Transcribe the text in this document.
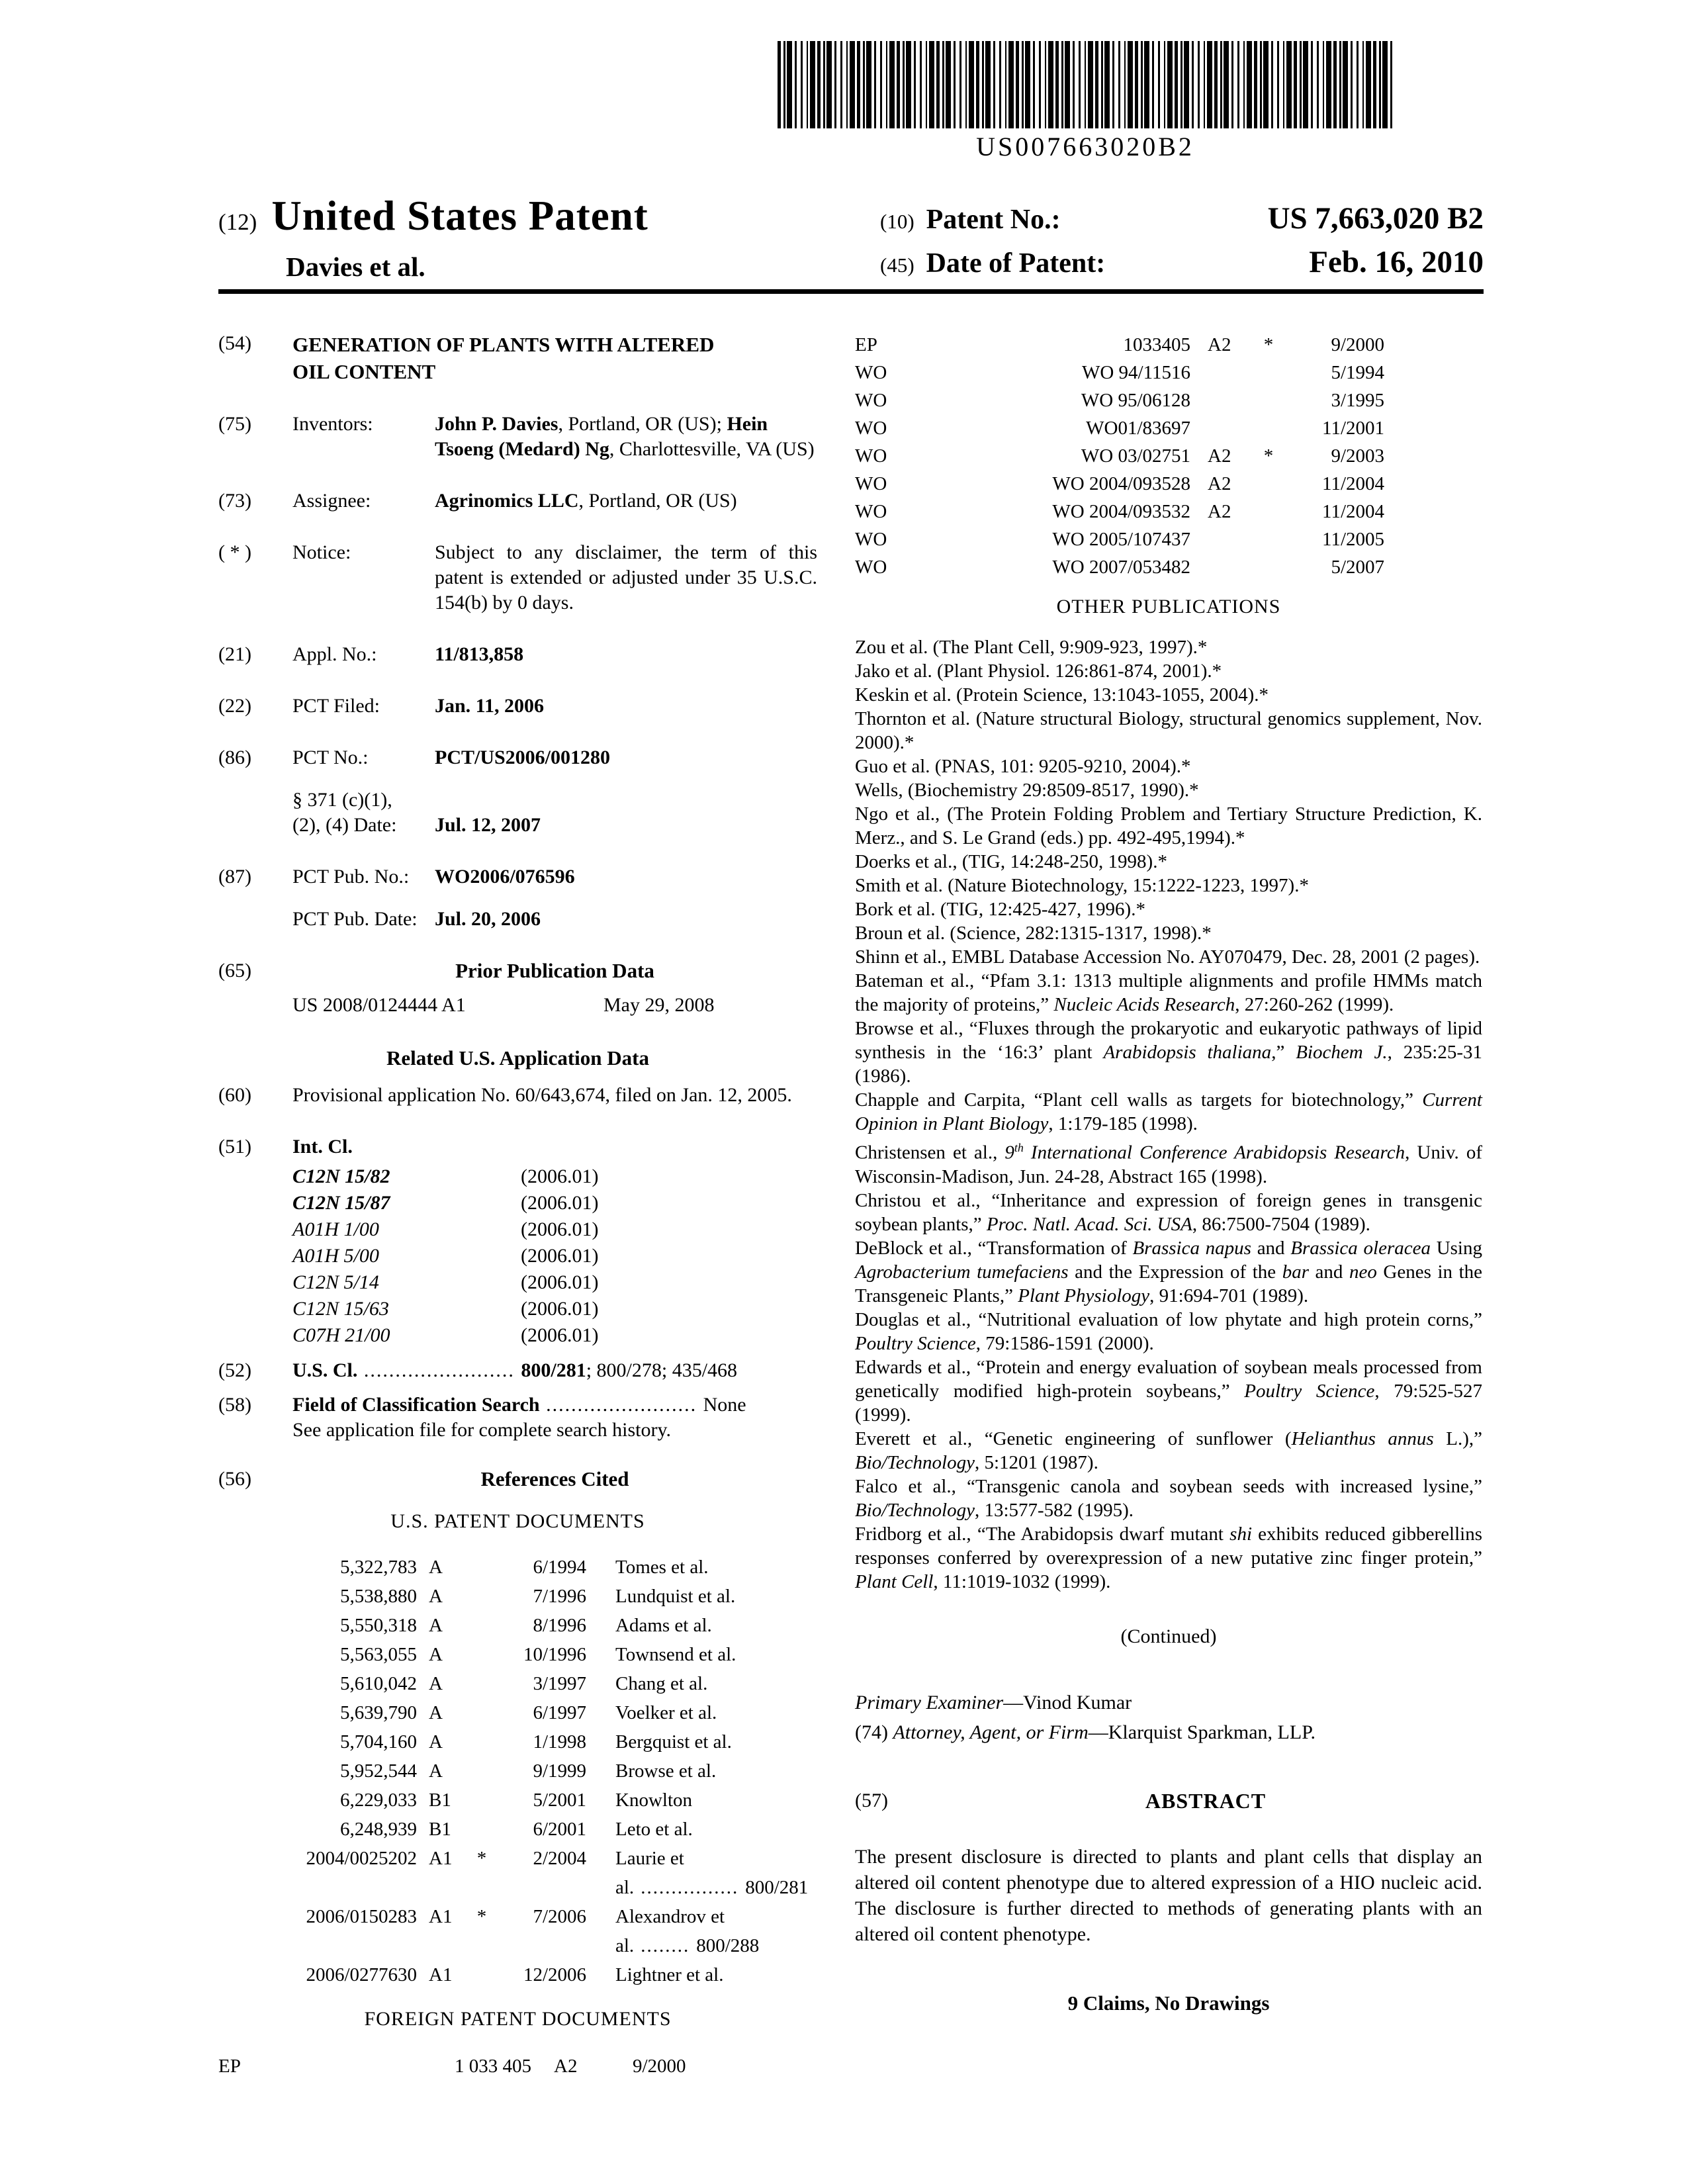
US007663020B2
(12) United States Patent
Davies et al.
(10) Patent No.:	US 7,663,020 B2
(45) Date of Patent:	Feb. 16, 2010
(54)	GENERATION OF PLANTS WITH ALTERED OIL CONTENT
(75)	Inventors:	John P. Davies, Portland, OR (US); Hein Tsoeng (Medard) Ng, Charlottesville, VA (US)
(73)	Assignee:	Agrinomics LLC, Portland, OR (US)
( * )	Notice:	Subject to any disclaimer, the term of this patent is extended or adjusted under 35 U.S.C. 154(b) by 0 days.
(21)	Appl. No.:	11/813,858
(22)	PCT Filed:	Jan. 11, 2006
(86)	PCT No.:	PCT/US2006/001280
§ 371 (c)(1),
(2), (4) Date:	Jul. 12, 2007
(87)	PCT Pub. No.:	WO2006/076596
PCT Pub. Date: Jul. 20, 2006
(65)	Prior Publication Data
US 2008/0124444 A1	May 29, 2008
Related U.S. Application Data
(60)	Provisional application No. 60/643,674, filed on Jan. 12, 2005.
(51)	Int. Cl.
C12N 15/82	(2006.01)
C12N 15/87	(2006.01)
A01H 1/00	(2006.01)
A01H 5/00	(2006.01)
C12N 5/14	(2006.01)
C12N 15/63	(2006.01)
C07H 21/00	(2006.01)
(52)	U.S. Cl. ........................ 800/281; 800/278; 435/468
(58)	Field of Classification Search ........................ None
See application file for complete search history.
(56)	References Cited
U.S. PATENT DOCUMENTS
5,322,783 A	6/1994	Tomes et al.
5,538,880 A	7/1996	Lundquist et al.
5,550,318 A	8/1996	Adams et al.
5,563,055 A	10/1996	Townsend et al.
5,610,042 A	3/1997	Chang et al.
5,639,790 A	6/1997	Voelker et al.
5,704,160 A	1/1998	Bergquist et al.
5,952,544 A	9/1999	Browse et al.
6,229,033 B1	5/2001	Knowlton
6,248,939 B1	6/2001	Leto et al.
2004/0025202 A1	*	2/2004	Laurie et al. ................ 800/281
2006/0150283 A1	*	7/2006	Alexandrov et al. ........ 800/288
2006/0277630 A1	12/2006	Lightner et al.
FOREIGN PATENT DOCUMENTS
EP	1 033 405	A2	9/2000
EP	1033405 A2	*	9/2000
WO	WO 94/11516	5/1994
WO	WO 95/06128	3/1995
WO	WO01/83697	11/2001
WO	WO 03/02751 A2	*	9/2003
WO	WO 2004/093528 A2	11/2004
WO	WO 2004/093532 A2	11/2004
WO	WO 2005/107437	11/2005
WO	WO 2007/053482	5/2007
OTHER PUBLICATIONS
Zou et al. (The Plant Cell, 9:909-923, 1997).*
Jako et al. (Plant Physiol. 126:861-874, 2001).*
Keskin et al. (Protein Science, 13:1043-1055, 2004).*
Thornton et al. (Nature structural Biology, structural genomics supplement, Nov. 2000).*
Guo et al. (PNAS, 101: 9205-9210, 2004).*
Wells, (Biochemistry 29:8509-8517, 1990).*
Ngo et al., (The Protein Folding Problem and Tertiary Structure Prediction, K. Merz., and S. Le Grand (eds.) pp. 492-495,1994).*
Doerks et al., (TIG, 14:248-250, 1998).*
Smith et al. (Nature Biotechnology, 15:1222-1223, 1997).*
Bork et al. (TIG, 12:425-427, 1996).*
Broun et al. (Science, 282:1315-1317, 1998).*
Shinn et al., EMBL Database Accession No. AY070479, Dec. 28, 2001 (2 pages).
Bateman et al., “Pfam 3.1: 1313 multiple alignments and profile HMMs match the majority of proteins,” Nucleic Acids Research, 27:260-262 (1999).
Browse et al., “Fluxes through the prokaryotic and eukaryotic pathways of lipid synthesis in the ‘16:3’ plant Arabidopsis thaliana,” Biochem J., 235:25-31 (1986).
Chapple and Carpita, “Plant cell walls as targets for biotechnology,” Current Opinion in Plant Biology, 1:179-185 (1998).
Christensen et al., 9th International Conference Arabidopsis Research, Univ. of Wisconsin-Madison, Jun. 24-28, Abstract 165 (1998).
Christou et al., “Inheritance and expression of foreign genes in transgenic soybean plants,” Proc. Natl. Acad. Sci. USA, 86:7500-7504 (1989).
DeBlock et al., “Transformation of Brassica napus and Brassica oleracea Using Agrobacterium tumefaciens and the Expression of the bar and neo Genes in the Transgeneic Plants,” Plant Physiology, 91:694-701 (1989).
Douglas et al., “Nutritional evaluation of low phytate and high protein corns,” Poultry Science, 79:1586-1591 (2000).
Edwards et al., “Protein and energy evaluation of soybean meals processed from genetically modified high-protein soybeans,” Poultry Science, 79:525-527 (1999).
Everett et al., “Genetic engineering of sunflower (Helianthus annus L.),” Bio/Technology, 5:1201 (1987).
Falco et al., “Transgenic canola and soybean seeds with increased lysine,” Bio/Technology, 13:577-582 (1995).
Fridborg et al., “The Arabidopsis dwarf mutant shi exhibits reduced gibberellins responses conferred by overexpression of a new putative zinc finger protein,” Plant Cell, 11:1019-1032 (1999).
(Continued)
Primary Examiner—Vinod Kumar
(74) Attorney, Agent, or Firm—Klarquist Sparkman, LLP.
(57)	ABSTRACT
The present disclosure is directed to plants and plant cells that display an altered oil content phenotype due to altered expression of a HIO nucleic acid. The disclosure is further directed to methods of generating plants with an altered oil content phenotype.
9 Claims, No Drawings
